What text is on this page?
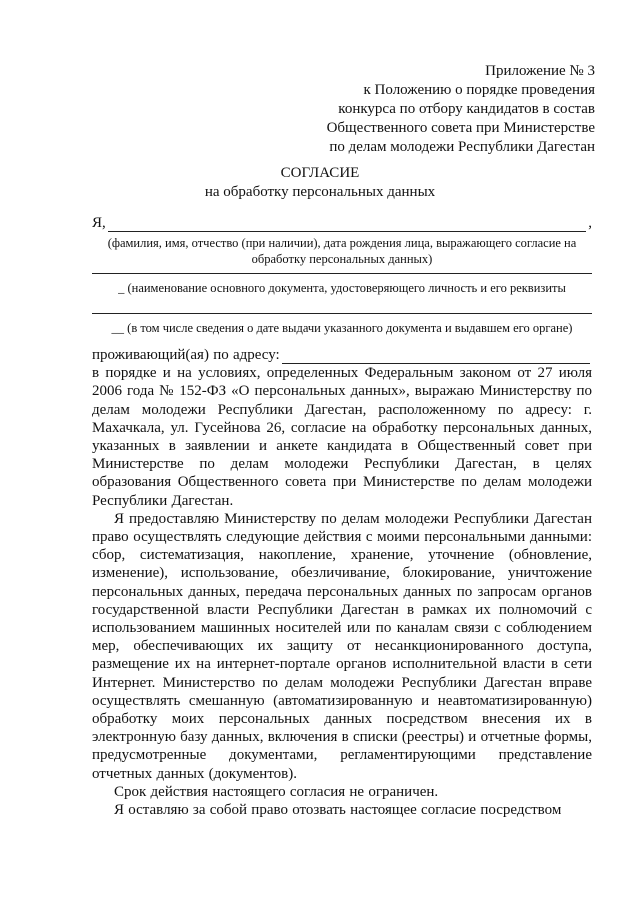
Приложение № 3
к Положению о порядке проведения
конкурса по отбору кандидатов в состав
Общественного совета при Министерстве
по делам молодежи Республики Дагестан
СОГЛАСИЕ
на обработку персональных данных
Я,	,
(фамилия, имя, отчество (при наличии), дата рождения лица, выражающего согласие на обработку персональных данных)
_ (наименование основного документа, удостоверяющего личность и его реквизиты
__ (в том числе сведения о дате выдачи указанного документа и выдавшем его органе)
проживающий(ая) по адресу:

в порядке и на условиях, определенных Федеральным законом от 27 июля 2006 года № 152-ФЗ «О персональных данных», выражаю Министерству по делам молодежи Республики Дагестан, расположенному по адресу: г. Махачкала, ул. Гусейнова 26, согласие на обработку персональных данных, указанных в заявлении и анкете кандидата в Общественный совет при Министерстве по делам молодежи Республики Дагестан, в целях образования Общественного совета при Министерстве по делам молодежи Республики Дагестан.

Я предоставляю Министерству по делам молодежи Республики Дагестан право осуществлять следующие действия с моими персональными данными: сбор, систематизация, накопление, хранение, уточнение (обновление, изменение), использование, обезличивание, блокирование, уничтожение персональных данных, передача персональных данных по запросам органов государственной власти Республики Дагестан в рамках их полномочий с использованием машинных носителей или по каналам связи с соблюдением мер, обеспечивающих их защиту от несанкционированного доступа, размещение их на интернет-портале органов исполнительной власти в сети Интернет. Министерство по делам молодежи Республики Дагестан вправе осуществлять смешанную (автоматизированную и неавтоматизированную) обработку моих персональных данных посредством внесения их в электронную базу данных, включения в списки (реестры) и отчетные формы, предусмотренные документами, регламентирующими представление отчетных данных (документов).

Срок действия настоящего согласия не ограничен.

Я оставляю за собой право отозвать настоящее согласие посредством
